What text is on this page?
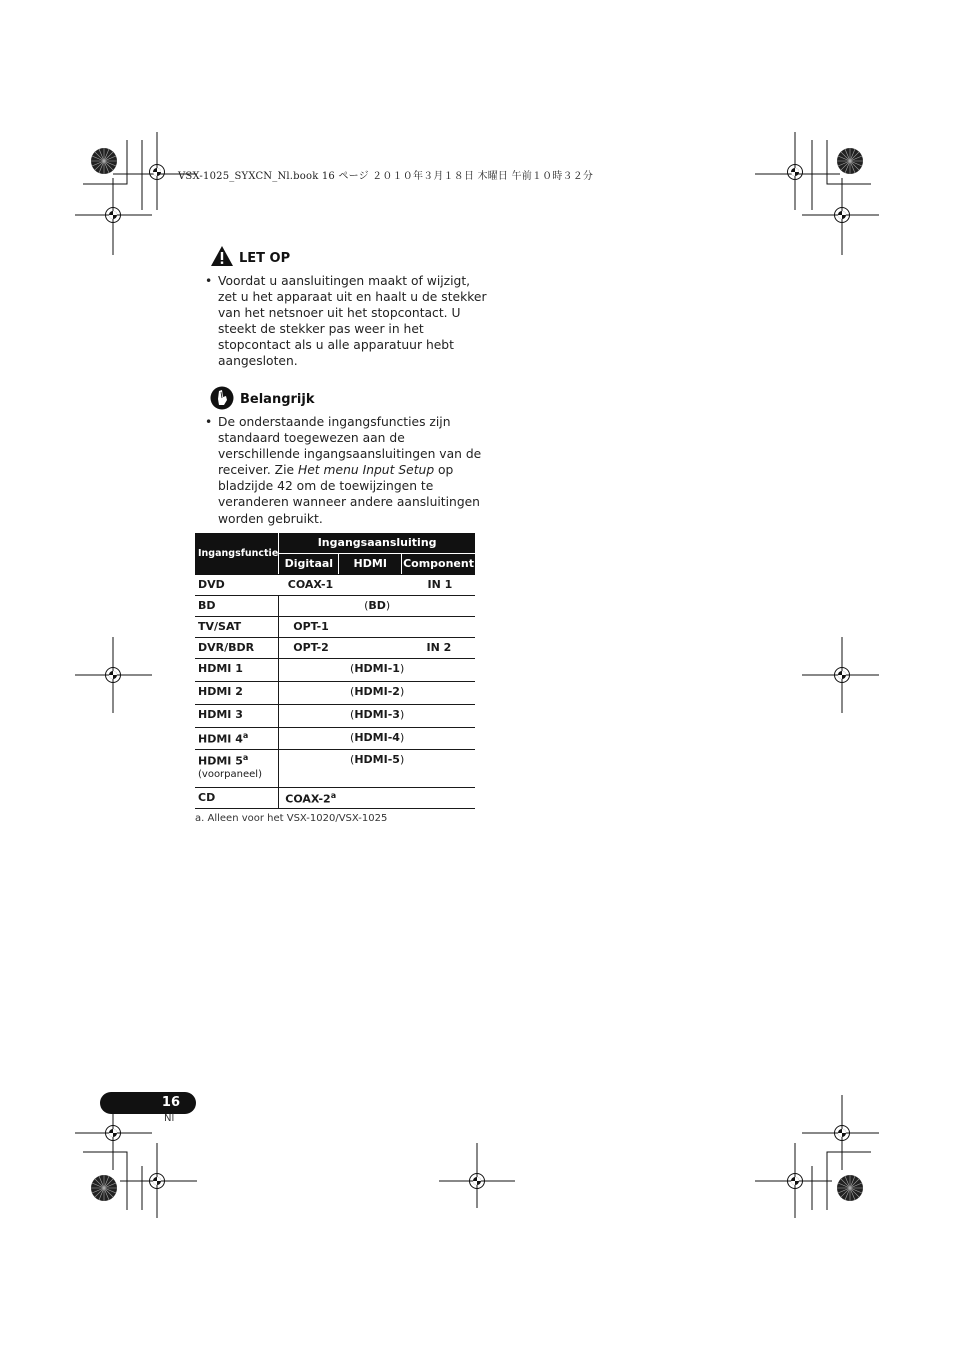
VSX-1025_SYXCN_Nl.book 16 ページ ２０１０年３月１８日 木曜日 午前１０時３２分
LET OP
• Voordat u aansluitingen maakt of wijzigt,
zet u het apparaat uit en haalt u de stekker
van het netsnoer uit het stopcontact. U
steekt de stekker pas weer in het
stopcontact als u alle apparatuur hebt
aangesloten.
Belangrijk
• De onderstaande ingangsfuncties zijn
standaard toegewezen aan de
verschillende ingangsaansluitingen van de
receiver. Zie Het menu Input Setup op
bladzijde 42 om de toewijzingen te
veranderen wanneer andere aansluitingen
worden gebruikt.
Ingangsfunctie	Ingangsaansluiting		
	Digitaal	HDMI	Component
DVD	COAX-1		IN 1
BD	(BD)		
TV/SAT	OPT-1		
DVR/BDR	OPT-2		IN 2
HDMI 1	(HDMI-1)		
HDMI 2	(HDMI-2)		
HDMI 3	(HDMI-3)		
HDMI 4$^a$	(HDMI-4)		
HDMI 5$^a$
(voorpaneel)	(HDMI-5)		
CD	COAX-2$^a$
a. Alleen voor het VSX-1020/VSX-1025
16
Nl
